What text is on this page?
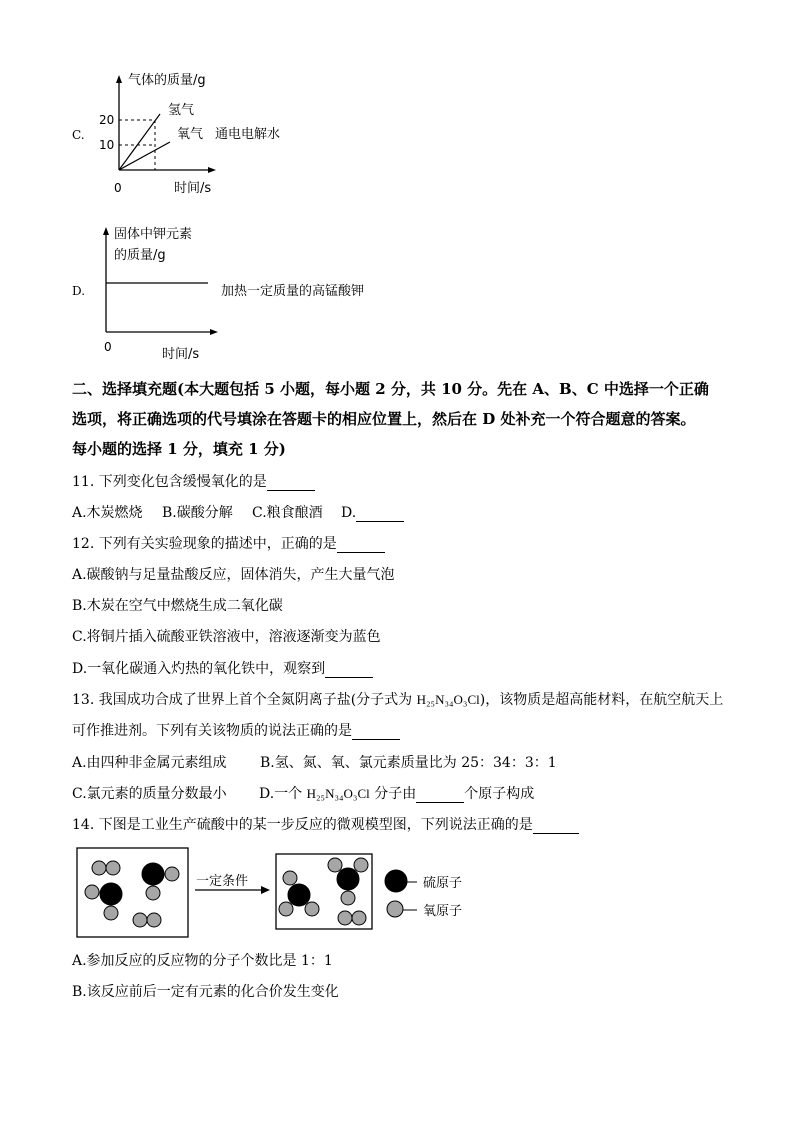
C.
气体的质量/g
20
10
0	时间/s
氢气
氧气 通电电解水
D.
固体中钾元素
的质量/g
0	时间/s
加热一定质量的高锰酸钾
二、选择填充题(本大题包括 5 小题，每小题 2 分，共 10 分。先在 A、B、C 中选择一个正确
选项，将正确选项的代号填涂在答题卡的相应位置上，然后在 D 处补充一个符合题意的答案。
每小题的选择 1 分，填充 1 分)
11. 下列变化包含缓慢氧化的是
A.木炭燃烧 B.碳酸分解 C.粮食酿酒 D.
12. 下列有关实验现象的描述中，正确的是
A.碳酸钠与足量盐酸反应，固体消失，产生大量气泡
B.木炭在空气中燃烧生成二氧化碳
C.将铜片插入硫酸亚铁溶液中，溶液逐渐变为蓝色
D.一氧化碳通入灼热的氧化铁中，观察到
13. 我国成功合成了世界上首个全氮阴离子盐(分子式为 H₂₅N₃₄O₃Cl)，该物质是超高能材料，在航空航天上
可作推进剂。下列有关该物质的说法正确的是
A.由四种非金属元素组成 B.氢、氮、氧、氯元素质量比为 25：34：3：1
C.氯元素的质量分数最小 D.一个 H₂₅N₃₄O₃Cl 分子由	个原子构成
14. 下图是工业生产硫酸中的某一步反应的微观模型图，下列说法正确的是
一定条件	硫原子
氧原子
A.参加反应的反应物的分子个数比是 1：1
B.该反应前后一定有元素的化合价发生变化
